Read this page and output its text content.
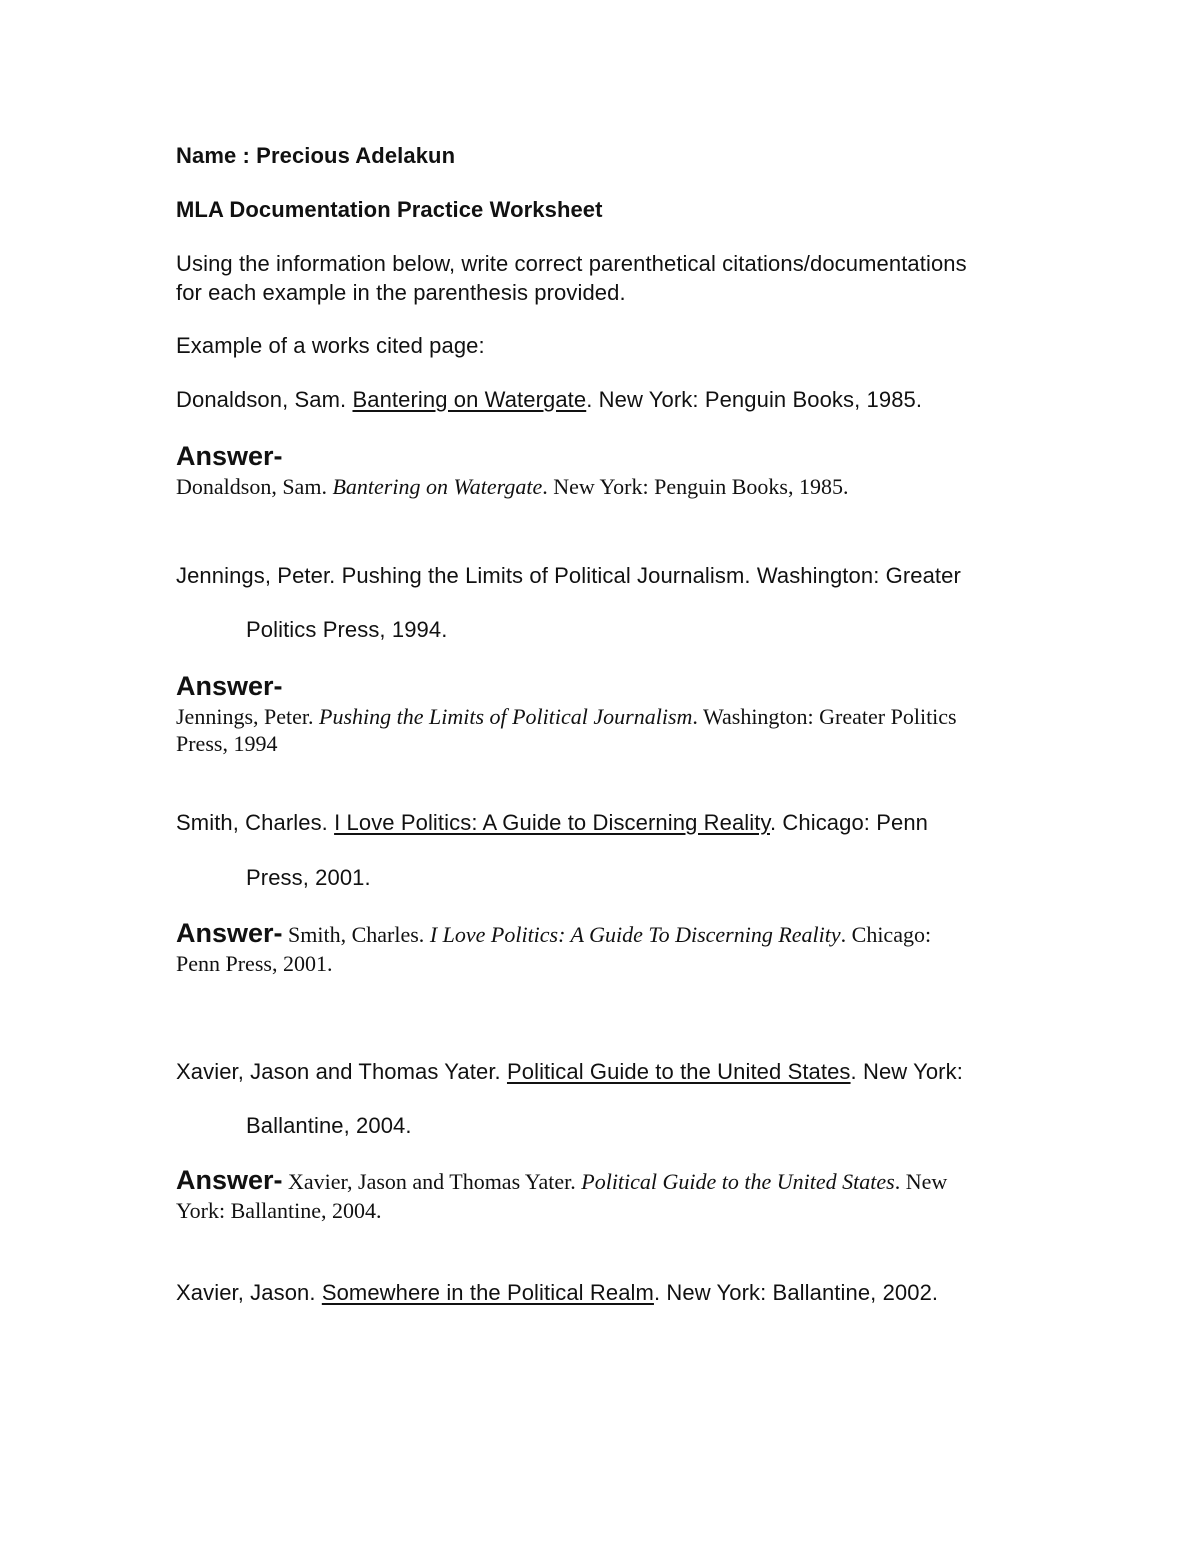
Name : Precious Adelakun

MLA Documentation Practice Worksheet

Using the information below, write correct parenthetical citations/documentations

for each example in the parenthesis provided.

Example of a works cited page:

Donaldson, Sam. Bantering on Watergate. New York: Penguin Books, 1985.

Answer-

Donaldson, Sam. Bantering on Watergate. New York: Penguin Books, 1985.

Jennings, Peter. Pushing the Limits of Political Journalism. Washington: Greater

Politics Press, 1994.

Answer-

Jennings, Peter. Pushing the Limits of Political Journalism. Washington: Greater Politics

Press, 1994

Smith, Charles. I Love Politics: A Guide to Discerning Reality. Chicago: Penn

Press, 2001.

Answer- Smith, Charles. I Love Politics: A Guide To Discerning Reality. Chicago:

Penn Press, 2001.

Xavier, Jason and Thomas Yater. Political Guide to the United States. New York:

Ballantine, 2004.

Answer- Xavier, Jason and Thomas Yater. Political Guide to the United States. New

York: Ballantine, 2004.

Xavier, Jason. Somewhere in the Political Realm. New York: Ballantine, 2002.
